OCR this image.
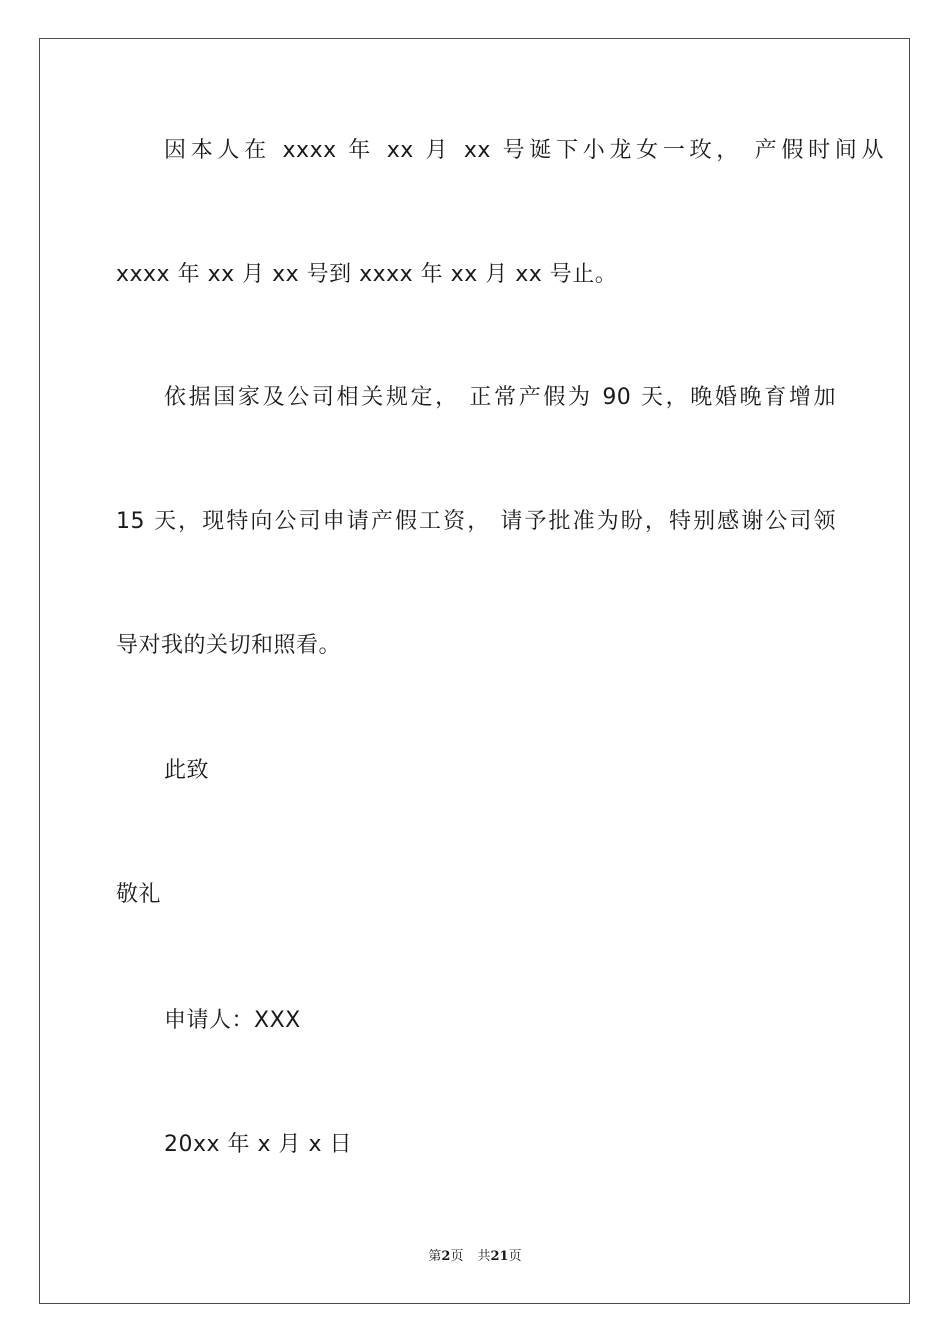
因本人在 xxxx 年 xx 月 xx 号诞下小龙女一玫， 产假时间从
xxxx 年 xx 月 xx 号到 xxxx 年 xx 月 xx 号止。
依据国家及公司相关规定， 正常产假为 90 天，晚婚晚育增加
15 天，现特向公司申请产假工资， 请予批准为盼，特别感谢公司领
导对我的关切和照看。
此致
敬礼
申请人：XXX
20xx 年 x 月 x 日
第2页 共21页
